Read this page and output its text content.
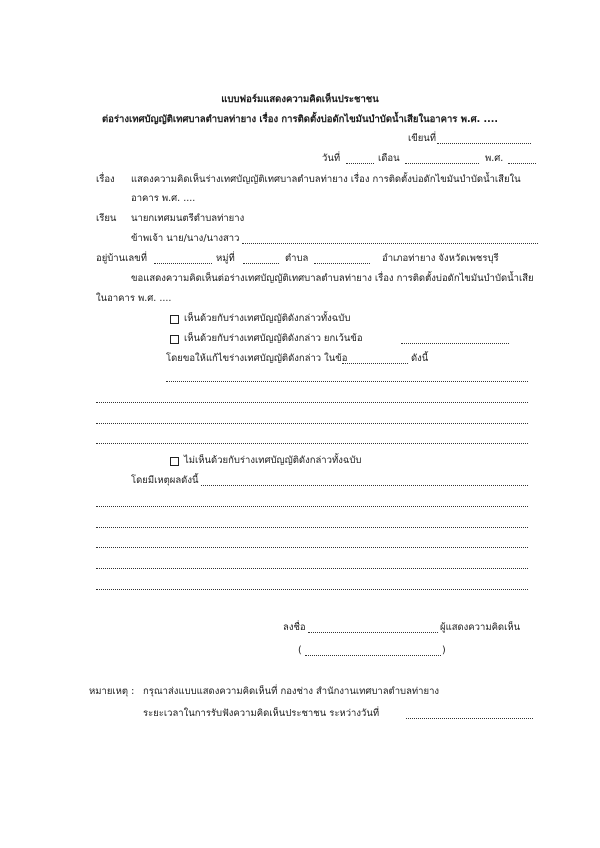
แบบฟอร์มแสดงความคิดเห็นประชาชน
ต่อร่างเทศบัญญัติเทศบาลตำบลท่ายาง เรื่อง การติดตั้งบ่อดักไขมันบำบัดน้ำเสียในอาคาร พ.ศ. ....
เขียนที่
วันที่	เดือน	พ.ศ.
เรื่อง แสดงความคิดเห็นร่างเทศบัญญัติเทศบาลตำบลท่ายาง เรื่อง การติดตั้งบ่อดักไขมันบำบัดน้ำเสียใน
อาคาร พ.ศ. ....
เรียน นายกเทศมนตรีตำบลท่ายาง
ข้าพเจ้า นาย/นาง/นางสาว
อยู่บ้านเลขที่	หมู่ที่	ตำบล	อำเภอท่ายาง จังหวัดเพชรบุรี
ขอแสดงความคิดเห็นต่อร่างเทศบัญญัติเทศบาลตำบลท่ายาง เรื่อง การติดตั้งบ่อดักไขมันบำบัดน้ำเสีย
ในอาคาร พ.ศ. ....
เห็นด้วยกับร่างเทศบัญญัติดังกล่าวทั้งฉบับ
เห็นด้วยกับร่างเทศบัญญัติดังกล่าว ยกเว้นข้อ
โดยขอให้แก้ไขร่างเทศบัญญัติดังกล่าว ในข้อ	ดังนี้
ไม่เห็นด้วยกับร่างเทศบัญญัติดังกล่าวทั้งฉบับ
โดยมีเหตุผลดังนี้
ลงชื่อ	ผู้แสดงความคิดเห็น
(	)
หมายเหตุ : กรุณาส่งแบบแสดงความคิดเห็นที่ กองช่าง สำนักงานเทศบาลตำบลท่ายาง
ระยะเวลาในการรับฟังความคิดเห็นประชาชน ระหว่างวันที่
